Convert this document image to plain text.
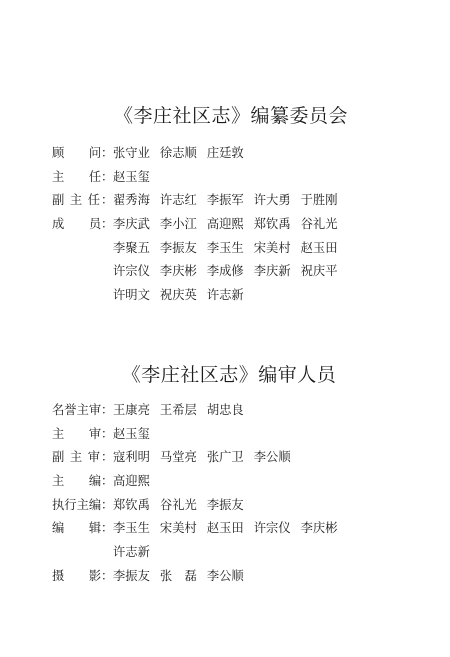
《李庄社区志》编纂委员会
顾　　问 ： 张守业 徐志顺 庄廷敦
主　　任 ： 赵玉玺
副 主 任 ： 翟秀海 许志红 李振军 许大勇 于胜刚
成　　员 ： 李庆武 李小江 高迎熙 郑钦禹 谷礼光
李聚五 李振友 李玉生 宋美村 赵玉田
许宗仪 李庆彬 李成修 李庆新 祝庆平
许明文 祝庆英 许志新
《李庄社区志》编审人员
名誉主审 ： 王康亮 王希层 胡忠良
主　　审 ： 赵玉玺
副主审 ： 寇利明 马堂亮 张广卫 李公顺
主　　编 ： 高迎熙
执行主编 ： 郑钦禹 谷礼光 李振友
编　　辑 ： 李玉生 宋美村 赵玉田 许宗仪 李庆彬
许志新
摄　　影 ： 李振友 张　磊 李公顺
